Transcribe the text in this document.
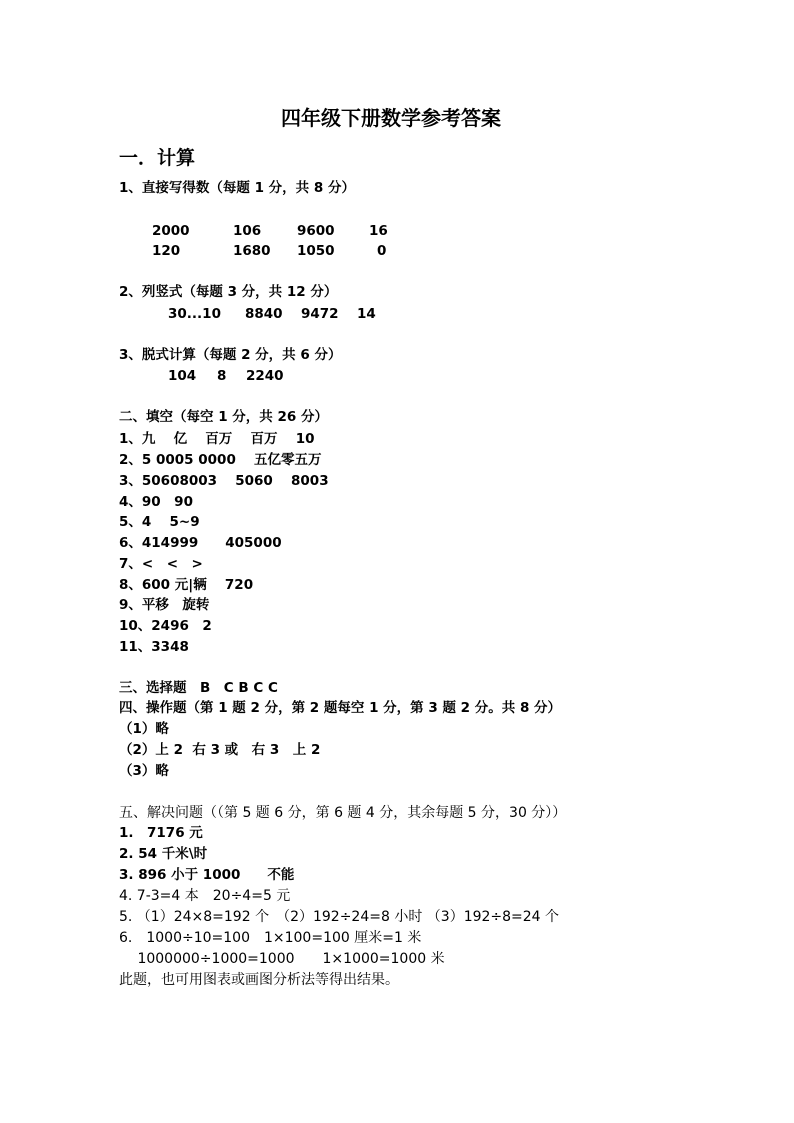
四年级下册数学参考答案
一．计算
1、直接写得数（每题 1 分，共 8 分）
2000	106	9600	16
120	1680 1050	0
2、列竖式（每题 3 分，共 12 分）
30...10 8840 9472 14
3、脱式计算（每题 2 分，共 6 分）
104 8 2240
二、填空（每空 1 分，共 26 分）
1、九　 亿　 百万　 百万　 10
2、5 0005 0000　 五亿零五万
3、50608003　 5060　 8003
4、90　90
5、4　 5~9
6、414999　　405000
7、<　<　>
8、600 元|辆　 720
9、平移　旋转
10、2496　2
11、3348
三、选择题　B　C B C C
四、操作题（第 1 题 2 分，第 2 题每空 1 分，第 3 题 2 分。共 8 分）
（1）略
（2）上 2  右 3 或　右 3　上 2
（3）略
五、解决问题（（第 5 题 6 分，第 6 题 4 分，其余每题 5 分，30 分））
1.　7176 元
2. 54 千米\时
3. 896 小于 1000　　不能
4. 7-3=4 本　20÷4=5 元
5. （1）24×8=192 个　（2）192÷24=8 小时 （3）192÷8=24 个
6.　1000÷10=100　1×100=100 厘米=1 米
　 1000000÷1000=1000　　1×1000=1000 米
此题，也可用图表或画图分析法等得出结果。
